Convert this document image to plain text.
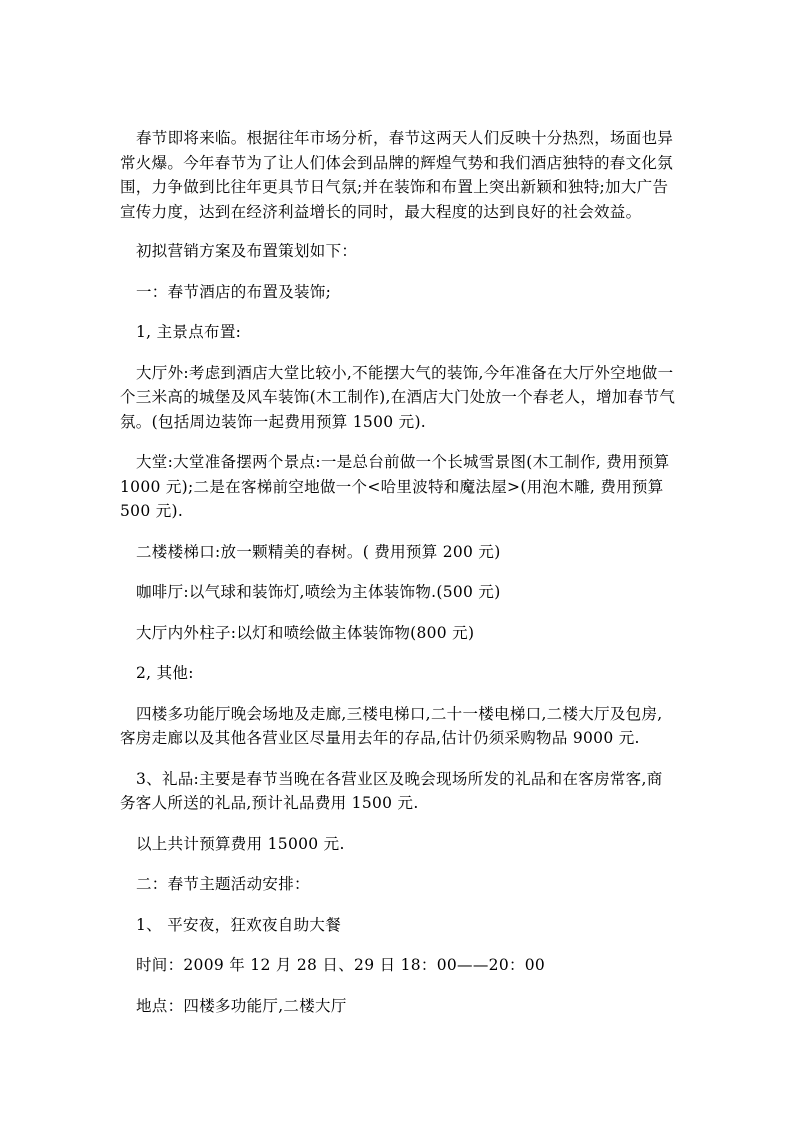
春节即将来临。根据往年市场分析，春节这两天人们反映十分热烈，场面也异常火爆。今年春节为了让人们体会到品牌的辉煌气势和我们酒店独特的春文化氛围，力争做到比往年更具节日气氛;并在装饰和布置上突出新颖和独特;加大广告宣传力度，达到在经济利益增长的同时，最大程度的达到良好的社会效益。

初拟营销方案及布置策划如下：

一：春节酒店的布置及装饰;

1, 主景点布置:

大厅外:考虑到酒店大堂比较小,不能摆大气的装饰,今年准备在大厅外空地做一个三米高的城堡及风车装饰(木工制作),在酒店大门处放一个春老人，增加春节气氛。(包括周边装饰一起费用预算 1500 元).

大堂:大堂准备摆两个景点:一是总台前做一个长城雪景图(木工制作, 费用预算 1000 元);二是在客梯前空地做一个<哈里波特和魔法屋>(用泡木雕, 费用预算 500 元).

二楼楼梯口:放一颗精美的春树。( 费用预算 200 元)

咖啡厅:以气球和装饰灯,喷绘为主体装饰物.(500 元)

大厅内外柱子:以灯和喷绘做主体装饰物(800 元)

2, 其他:

四楼多功能厅晚会场地及走廊,三楼电梯口,二十一楼电梯口,二楼大厅及包房,客房走廊以及其他各营业区尽量用去年的存品,估计仍须采购物品 9000 元.

3、礼品:主要是春节当晚在各营业区及晚会现场所发的礼品和在客房常客,商务客人所送的礼品,预计礼品费用 1500 元.

以上共计预算费用 15000 元.

二：春节主题活动安排：

1、 平安夜，狂欢夜自助大餐

时间：2009 年 12 月 28 日、29 日 18：00——20：00

地点：四楼多功能厅,二楼大厅
